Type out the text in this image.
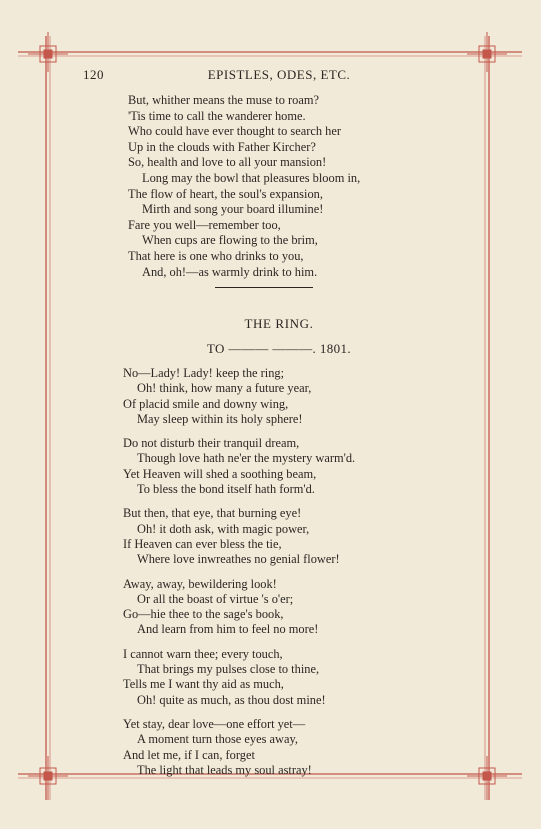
120	EPISTLES, ODES, ETC.
But, whither means the muse to roam?
'Tis time to call the wanderer home.
Who could have ever thought to search her
Up in the clouds with Father Kircher?
So, health and love to all your mansion!
Long may the bowl that pleasures bloom in,
The flow of heart, the soul's expansion,
Mirth and song your board illumine!
Fare you well—remember too,
When cups are flowing to the brim,
That here is one who drinks to you,
And, oh!—as warmly drink to him.
THE RING.
TO ——— ———. 1801.
No—Lady! Lady! keep the ring;
Oh! think, how many a future year,
Of placid smile and downy wing,
May sleep within its holy sphere!
Do not disturb their tranquil dream,
Though love hath ne'er the mystery warm'd.
Yet Heaven will shed a soothing beam,
To bless the bond itself hath form'd.
But then, that eye, that burning eye!
Oh! it doth ask, with magic power,
If Heaven can ever bless the tie,
Where love inwreathes no genial flower!
Away, away, bewildering look!
Or all the boast of virtue 's o'er;
Go—hie thee to the sage's book,
And learn from him to feel no more!
I cannot warn thee; every touch,
That brings my pulses close to thine,
Tells me I want thy aid as much,
Oh! quite as much, as thou dost mine!
Yet stay, dear love—one effort yet—
A moment turn those eyes away,
And let me, if I can, forget
The light that leads my soul astray!
